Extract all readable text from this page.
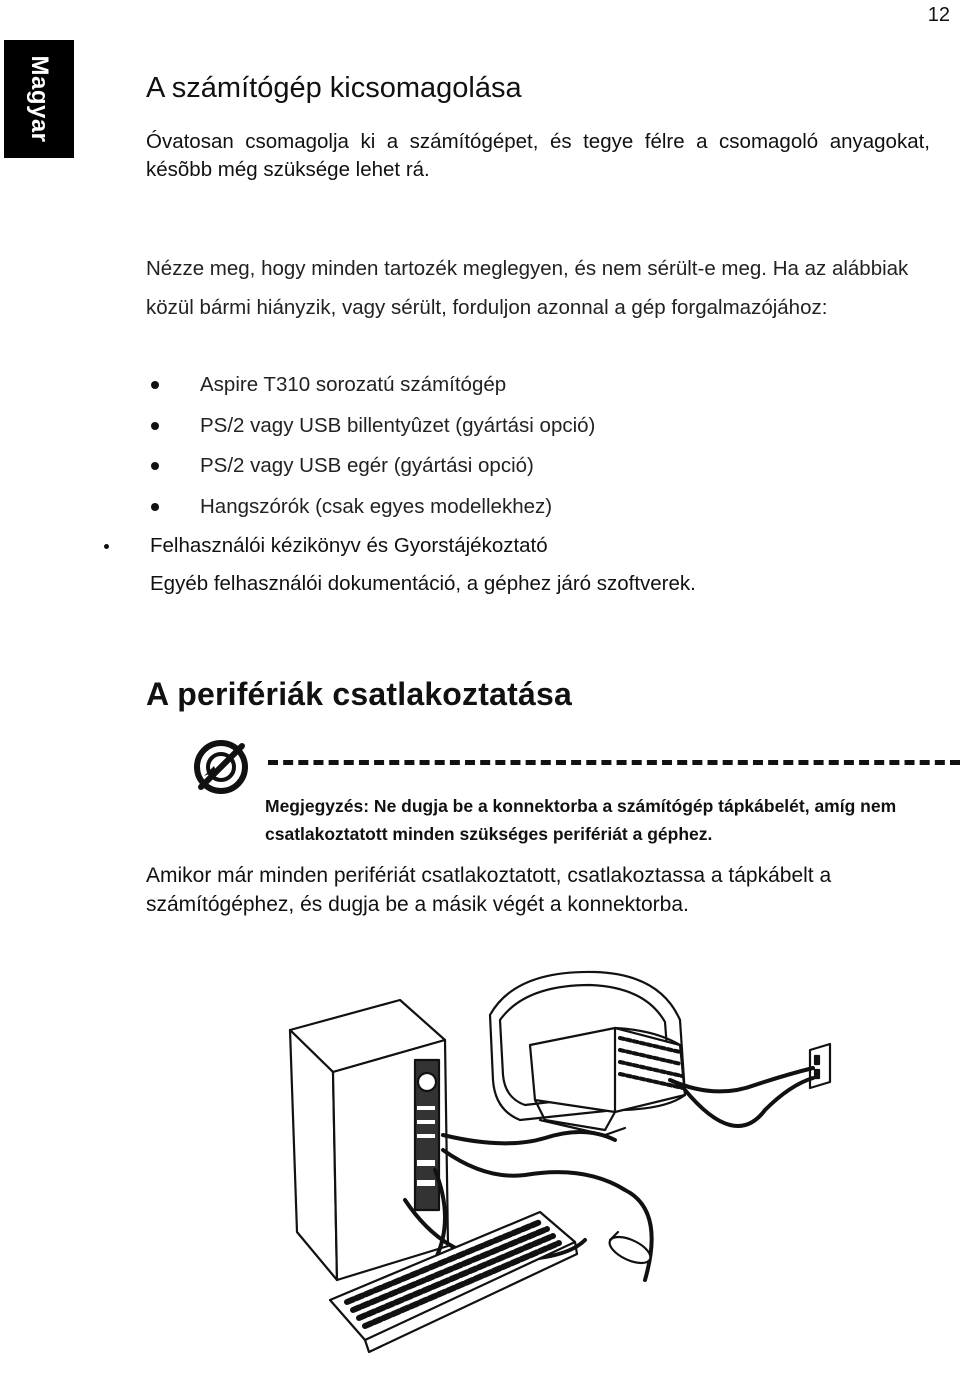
12
Magyar	A számítógép kicsomagolása

Óvatosan csomagolja ki a számítógépet, és tegye félre a csomagoló anyagokat, késõbb még szüksége lehet rá.

Nézze meg, hogy minden tartozék meglegyen, és nem sérült-e meg. Ha az alábbiak közül bármi hiányzik, vagy sérült, forduljon azonnal a gép forgalmazójához:

Aspire T310 sorozatú számítógép
PS/2 vagy USB billentyûzet (gyártási opció)
PS/2 vagy USB egér (gyártási opció)
Hangszórók (csak egyes modellekhez)
Felhasználói kézikönyv és Gyorstájékoztató
Egyéb felhasználói dokumentáció, a géphez járó szoftverek.
A perifériák csatlakoztatása

Megjegyzés: Ne dugja be a konnektorba a számítógép tápkábelét, amíg nem csatlakoztatott minden szükséges perifériát a géphez.

Amikor már minden perifériát csatlakoztatott, csatlakoztassa a tápkábelt a számítógéphez, és dugja be a másik végét a konnektorba.
